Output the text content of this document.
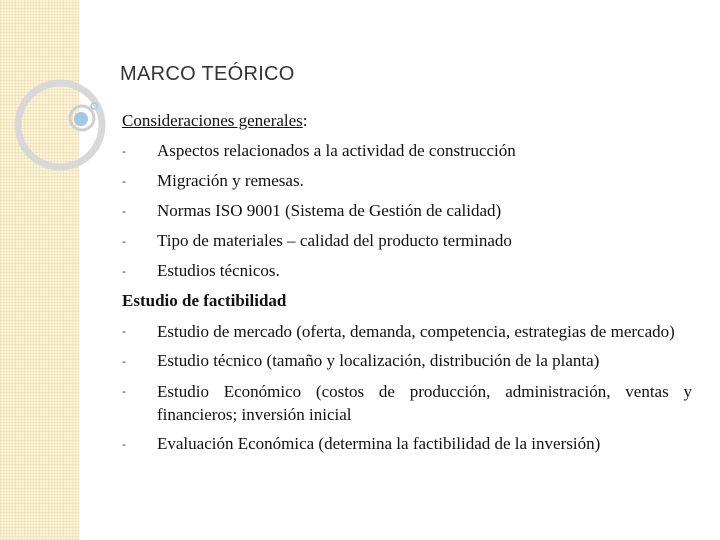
MARCO TEÓRICO

Consideraciones generales:

-	Aspectos relacionados a la actividad de construcción
-	Migración y remesas.
-	Normas ISO 9001 (Sistema de Gestión de calidad)
-	Tipo de materiales – calidad del producto terminado
-	Estudios técnicos.

Estudio de factibilidad

-	Estudio de mercado (oferta, demanda, competencia, estrategias de mercado)
-	Estudio técnico (tamaño y localización, distribución de la planta)
-	Estudio Económico (costos de producción, administración, ventas y financieros; inversión inicial
-	Evaluación Económica (determina la factibilidad de la inversión)
